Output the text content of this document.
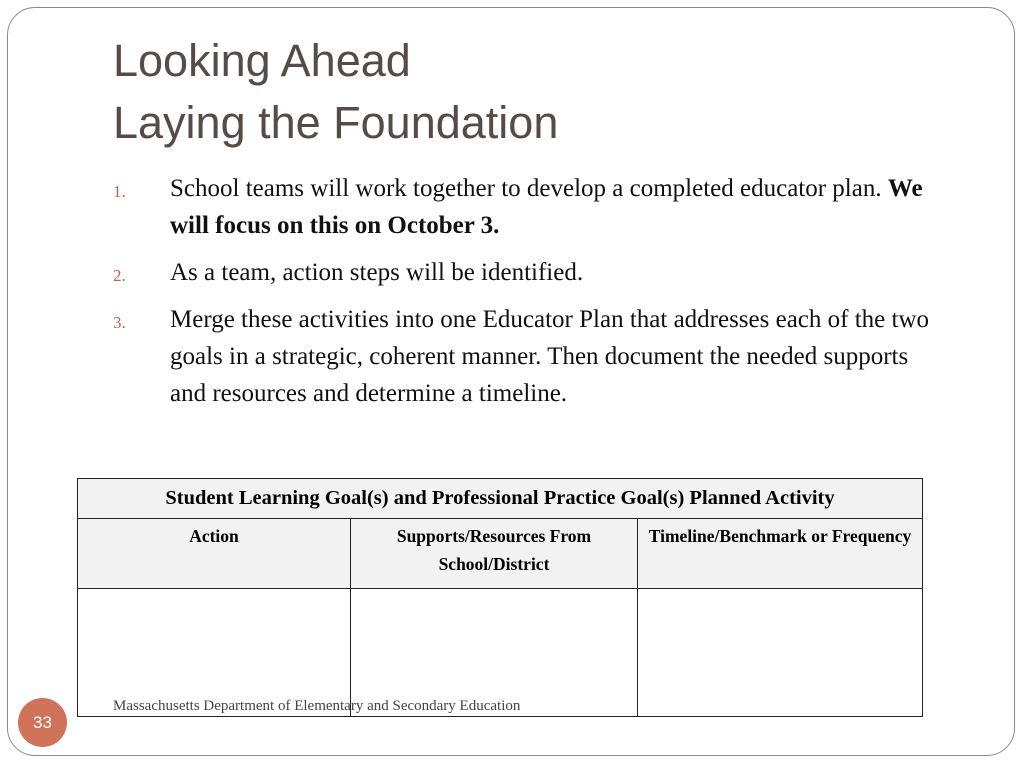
Looking Ahead
Laying the Foundation
1. School teams will work together to develop a completed educator plan. We will focus on this on October 3.
2. As a team, action steps will be identified.
3. Merge these activities into one Educator Plan that addresses each of the two goals in a strategic, coherent manner. Then document the needed supports and resources and determine a timeline.
Student Learning Goal(s) and Professional Practice Goal(s) Planned Activity		
Action	Supports/Resources From School/District	Timeline/Benchmark or Frequency

33
Massachusetts Department of Elementary and Secondary Education
